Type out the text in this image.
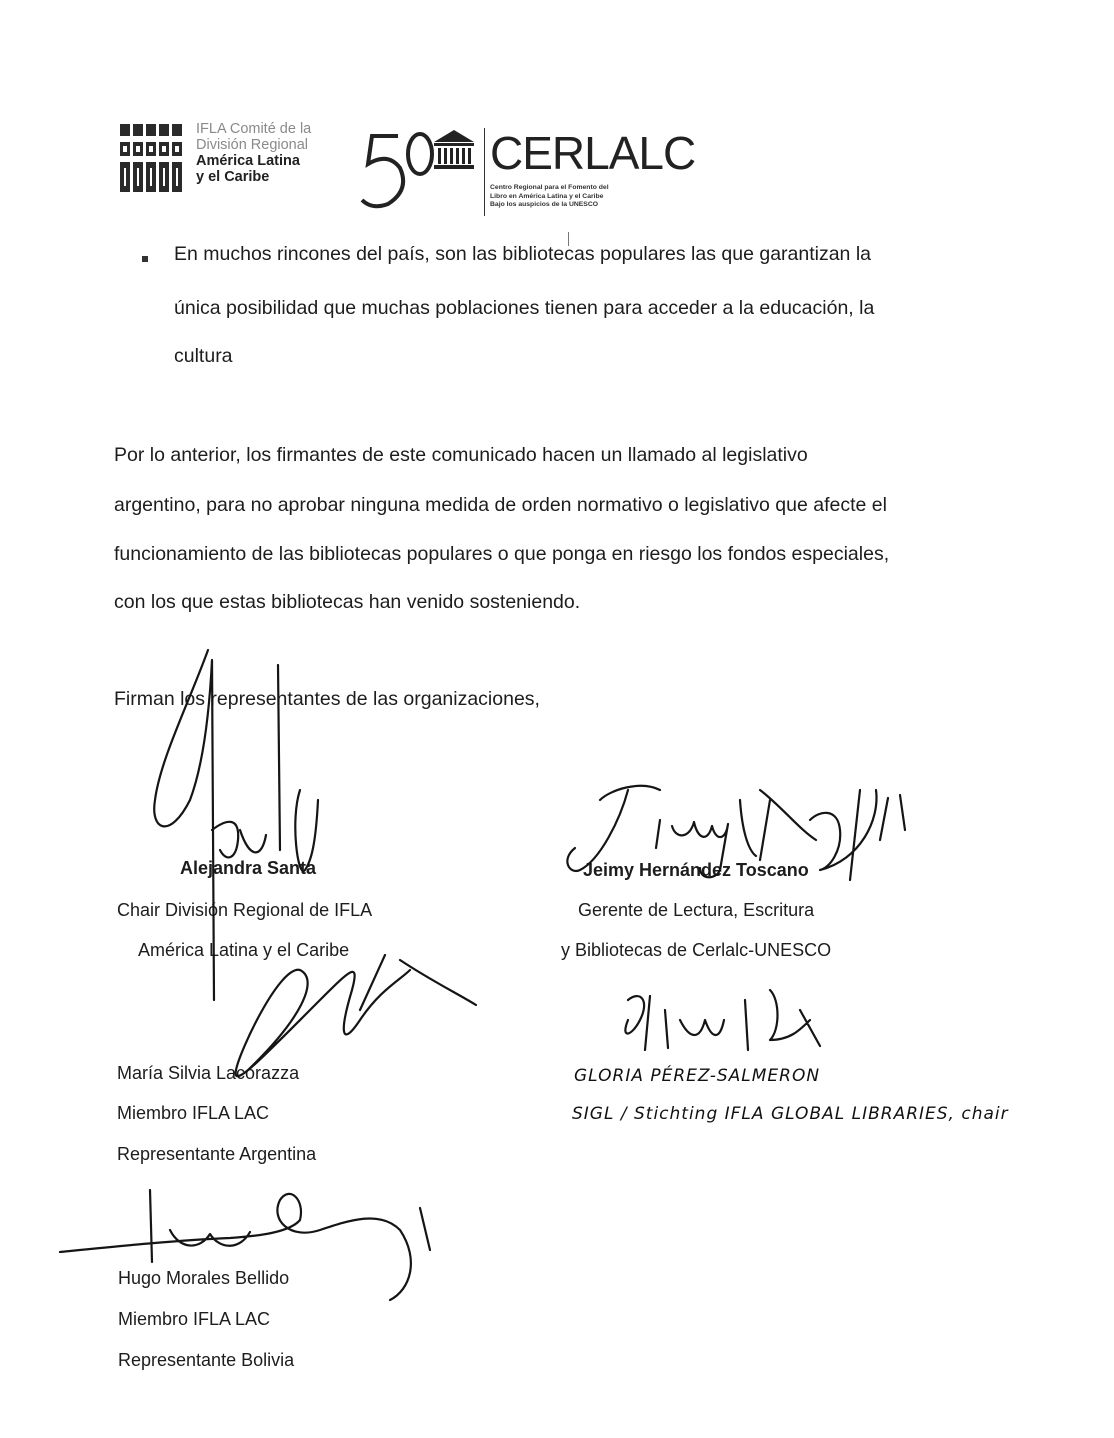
IFLA Comité de la
División Regional
América Latina
y el Caribe	CERLALC
Centro Regional para el Fomento del
Libro en América Latina y el Caribe
Bajo los auspicios de la UNESCO
En muchos rincones del país, son las bibliotecas populares las que garantizan la
única posibilidad que muchas poblaciones tienen para acceder a la educación, la
cultura
Por lo anterior, los firmantes de este comunicado hacen un llamado al legislativo
argentino, para no aprobar ninguna medida de orden normativo o legislativo que afecte el
funcionamiento de las bibliotecas populares o que ponga en riesgo los fondos especiales,
con los que estas bibliotecas han venido sosteniendo.
Firman los representantes de las organizaciones,
Alejandra Santa
Chair División Regional de IFLA
América Latina y el Caribe
Jeimy Hernández Toscano
Gerente de Lectura, Escritura
y Bibliotecas de Cerlalc-UNESCO
María Silvia Lacorazza
Miembro IFLA LAC
Representante Argentina
GLORIA PÉREZ-SALMERON
SIGL / Stichting IFLA GLOBAL LIBRARIES, chair
Hugo Morales Bellido
Miembro IFLA LAC
Representante Bolivia
